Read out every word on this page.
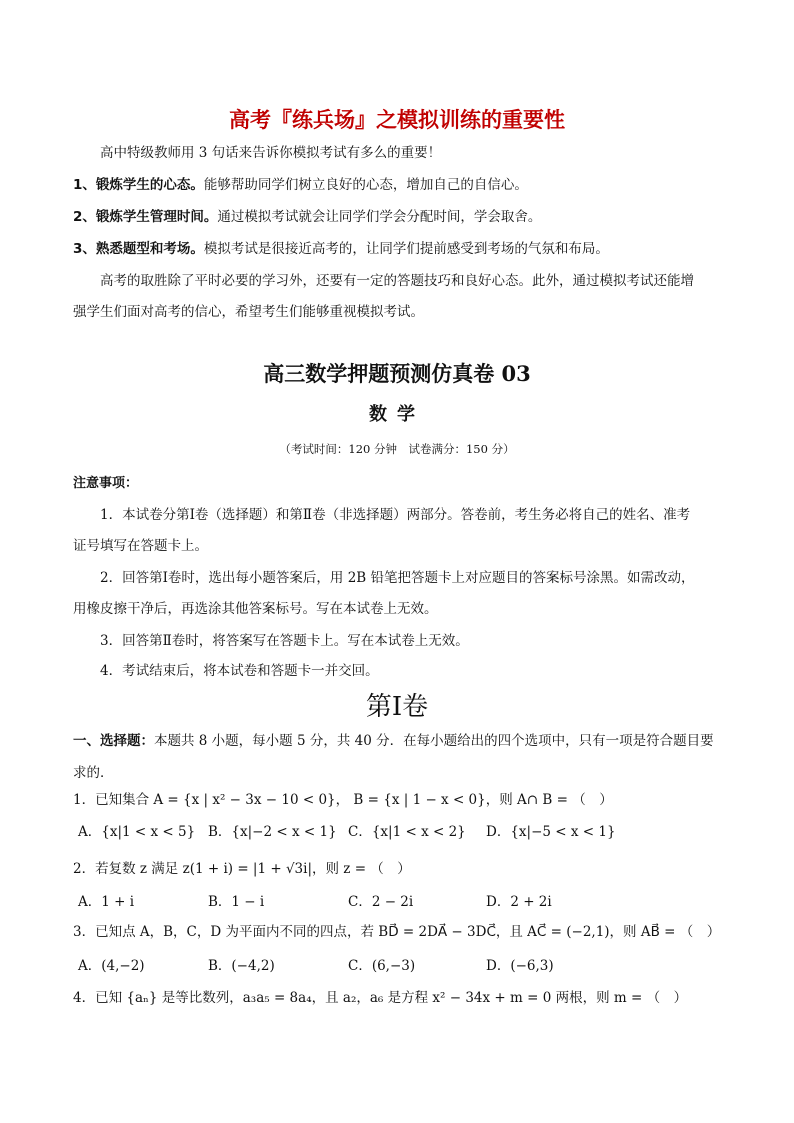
高考『练兵场』之模拟训练的重要性
高中特级教师用 3 句话来告诉你模拟考试有多么的重要！
1、锻炼学生的心态。能够帮助同学们树立良好的心态，增加自己的自信心。
2、锻炼学生管理时间。通过模拟考试就会让同学们学会分配时间，学会取舍。
3、熟悉题型和考场。模拟考试是很接近高考的，让同学们提前感受到考场的气氛和布局。
高考的取胜除了平时必要的学习外，还要有一定的答题技巧和良好心态。此外，通过模拟考试还能增
强学生们面对高考的信心，希望考生们能够重视模拟考试。
高三数学押题预测仿真卷 03
数学
（考试时间：120 分钟　试卷满分：150 分）
注意事项：
1．本试卷分第Ⅰ卷（选择题）和第Ⅱ卷（非选择题）两部分。答卷前，考生务必将自己的姓名、准考
证号填写在答题卡上。
2．回答第Ⅰ卷时，选出每小题答案后，用 2B 铅笔把答题卡上对应题目的答案标号涂黑。如需改动，
用橡皮擦干净后，再选涂其他答案标号。写在本试卷上无效。
3．回答第Ⅱ卷时，将答案写在答题卡上。写在本试卷上无效。
4．考试结束后，将本试卷和答题卡一并交回。
第Ⅰ卷
一、选择题：本题共 8 小题，每小题 5 分，共 40 分．在每小题给出的四个选项中，只有一项是符合题目要
求的．
1．已知集合 A = {x | x² − 3x − 10 < 0}， B = {x | 1 − x < 0}，则 A∩ B = （　）
A．{x|1 < x < 5} B．{x|−2 < x < 1} C．{x|1 < x < 2} D．{x|−5 < x < 1}
2．若复数 z 满足 z(1 + i) = |1 + √3i|，则 z = （　）
A．1 + i	B．1 − i	C．2 − 2i	D．2 + 2i
3．已知点 A，B，C，D 为平面内不同的四点，若 BD⃗ = 2DA⃗ − 3DC⃗，且 AC⃗ = (−2,1)，则 AB⃗ = （　）
A．(4,−2)	B．(−4,2)	C．(6,−3)	D．(−6,3)
4．已知 {aₙ} 是等比数列，a₃a₅ = 8a₄，且 a₂，a₆ 是方程 x² − 34x + m = 0 两根，则 m = （　）
